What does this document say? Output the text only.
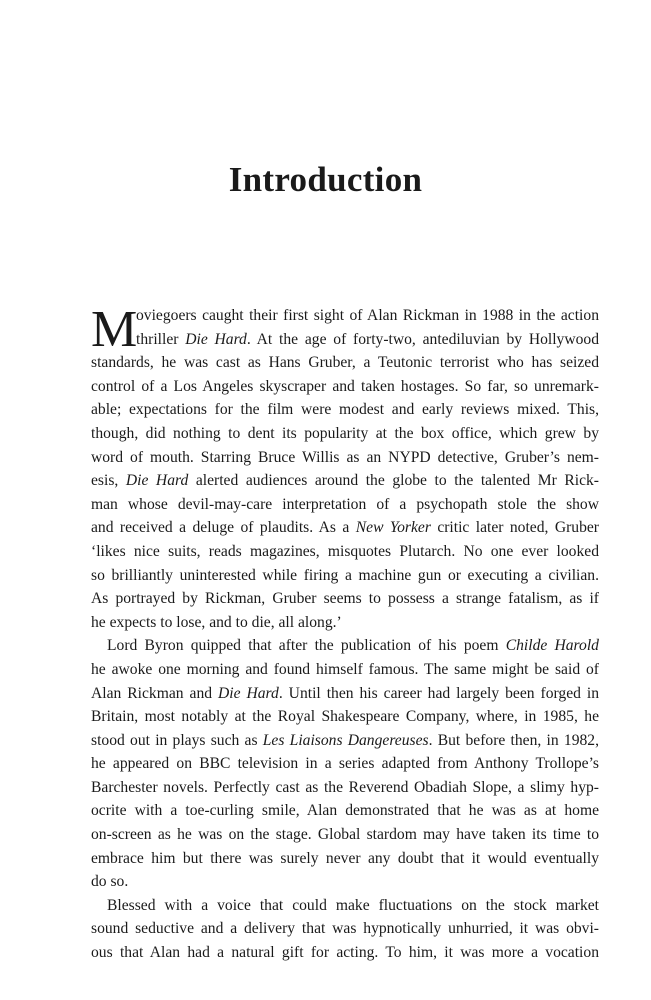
Introduction
M
oviegoers caught their first sight of Alan Rickman in 1988 in the action
thriller Die Hard. At the age of forty-two, antediluvian by Hollywood
standards, he was cast as Hans Gruber, a Teutonic terrorist who has seized
control of a Los Angeles skyscraper and taken hostages. So far, so unremark-
able; expectations for the film were modest and early reviews mixed. This,
though, did nothing to dent its popularity at the box office, which grew by
word of mouth. Starring Bruce Willis as an NYPD detective, Gruber’s nem-
esis, Die Hard alerted audiences around the globe to the talented Mr Rick-
man whose devil-may-care interpretation of a psychopath stole the show
and received a deluge of plaudits. As a New Yorker critic later noted, Gruber
‘likes nice suits, reads magazines, misquotes Plutarch. No one ever looked
so brilliantly uninterested while firing a machine gun or executing a civilian.
As portrayed by Rickman, Gruber seems to possess a strange fatalism, as if
he expects to lose, and to die, all along.’
Lord Byron quipped that after the publication of his poem Childe Harold
he awoke one morning and found himself famous. The same might be said of
Alan Rickman and Die Hard. Until then his career had largely been forged in
Britain, most notably at the Royal Shakespeare Company, where, in 1985, he
stood out in plays such as Les Liaisons Dangereuses. But before then, in 1982,
he appeared on BBC television in a series adapted from Anthony Trollope’s
Barchester novels. Perfectly cast as the Reverend Obadiah Slope, a slimy hyp-
ocrite with a toe-curling smile, Alan demonstrated that he was as at home
on-screen as he was on the stage. Global stardom may have taken its time to
embrace him but there was surely never any doubt that it would eventually
do so.
Blessed with a voice that could make fluctuations on the stock market
sound seductive and a delivery that was hypnotically unhurried, it was obvi-
ous that Alan had a natural gift for acting. To him, it was more a vocation
